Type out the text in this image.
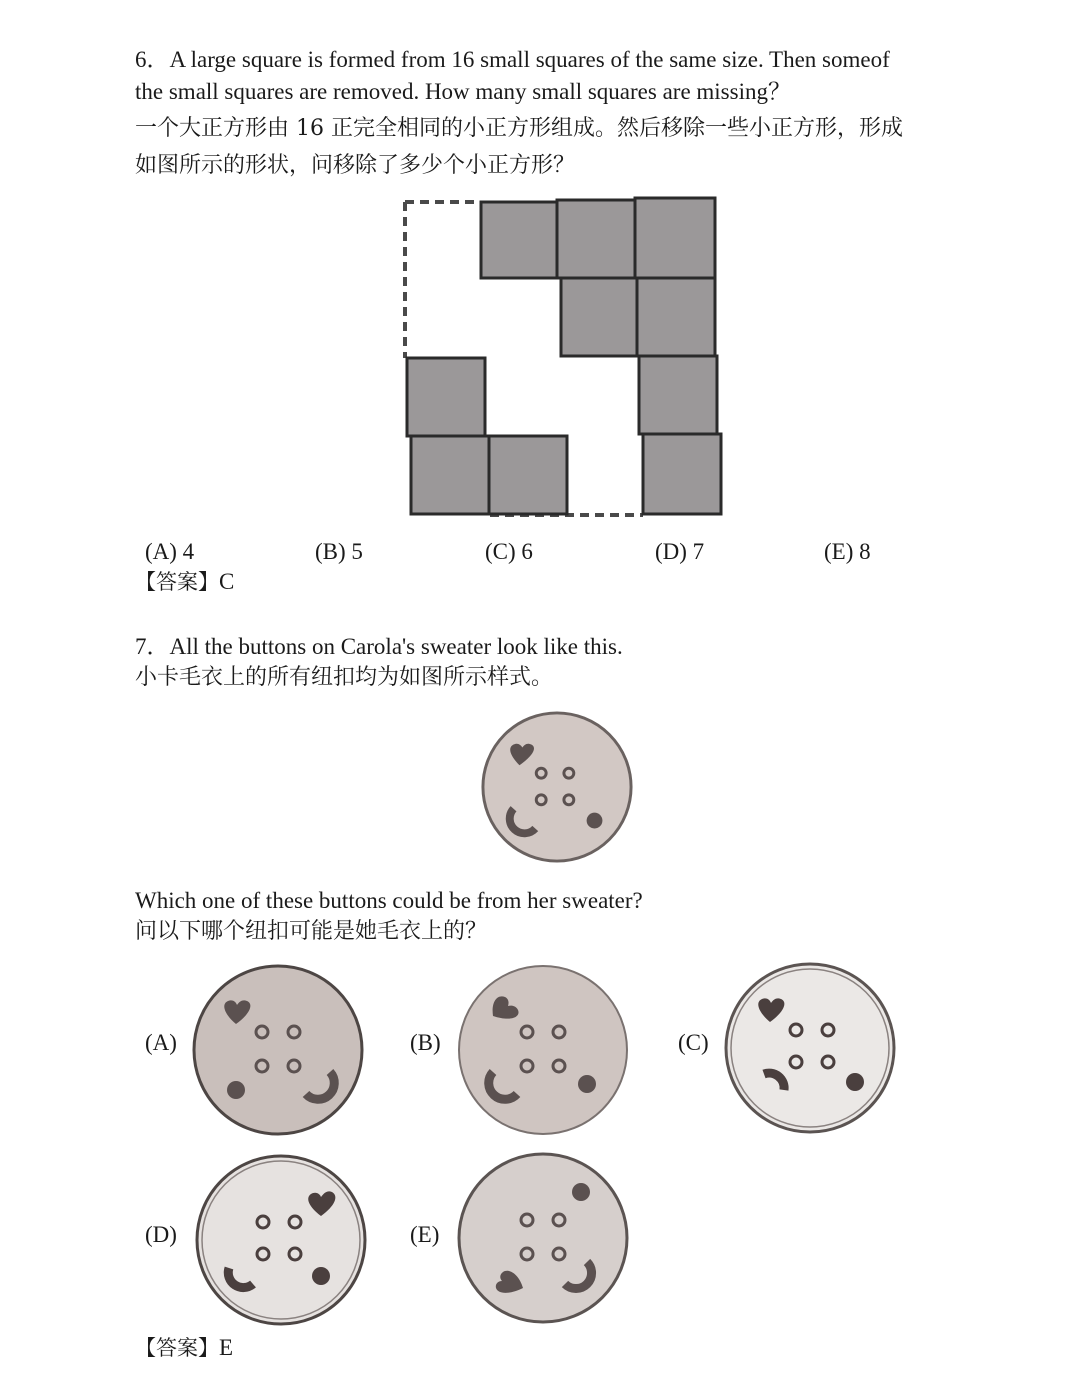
6．A large square is formed from 16 small squares of the same size. Then someof
the small squares are removed. How many small squares are missing？
一个大正方形由 16 正完全相同的小正方形组成。然后移除一些小正方形，形成
如图所示的形状，问移除了多少个小正方形？
(A) 4	(B) 5	(C) 6	(D) 7	(E) 8
【答案】C
7．All the buttons on Carola's sweater look like this.
小卡毛衣上的所有纽扣均为如图所示样式。
Which one of these buttons could be from her sweater?
问以下哪个纽扣可能是她毛衣上的？
(A)	(B)	(C)
(D)	(E)
【答案】E
